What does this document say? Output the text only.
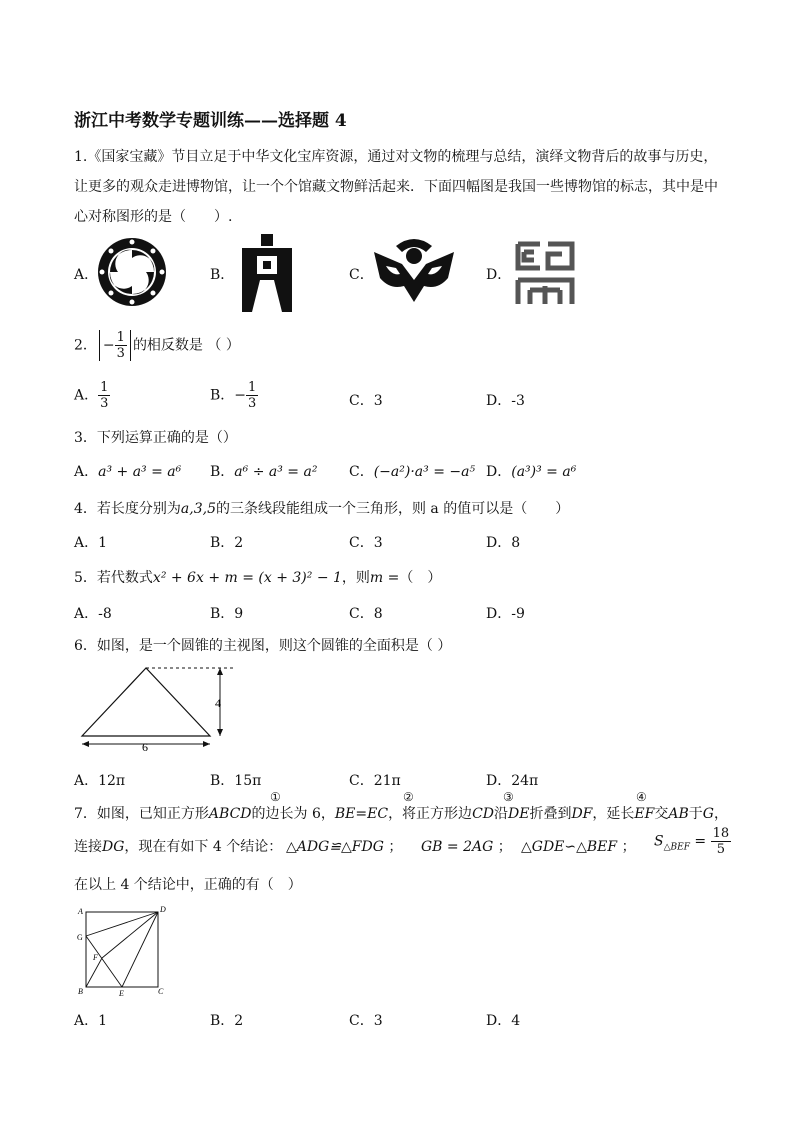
浙江中考数学专题训练——选择题 4
1.《国家宝藏》节目立足于中华文化宝库资源，通过对文物的梳理与总结，演绎文物背后的故事与历史，
让更多的观众走进博物馆，让一个个馆藏文物鲜活起来．下面四幅图是我国一些博物馆的标志，其中是中
心对称图形的是（　　）.
A．	B．	C．	D．
2． − $\frac{1}{3}$ 的相反数是 （ ）
A． $\frac{1}{3}$	B．− $\frac{1}{3}$	C．3	D．-3
3．下列运算正确的是（）
A．a³ + a³ = a⁶ B．a⁶ ÷ a³ = a² C．(−a²)·a³ = −a⁵ D．(a³)³ = a⁶
4．若长度分别为a,3,5的三条线段能组成一个三角形，则 a 的值可以是（　　）
A．1	B．2	C．3	D．8
5．若代数式x² + 6x + m = (x + 3)² − 1，则m =（　）
A．-8	B．9	C．8	D．-9
6．如图，是一个圆锥的主视图，则这个圆锥的全面积是（ ）
4
6
A．12π	B．15π	C．21π	D．24π
①	②	③	④
7．如图，已知正方形ABCD的边长为 6，BE=EC，将正方形边CD沿DE折叠到DF，延长EF交AB于G，
连接DG，现在有如下 4 个结论： △ADG≌△FDG ； GB = 2AG ； △GDE∽△BEF ； $S_{\triangle BEF} = \frac{18}{5}$
在以上 4 个结论中，正确的有（　）
A	D
G
F
B	E	C
A．1	B．2	C．3	D．4
